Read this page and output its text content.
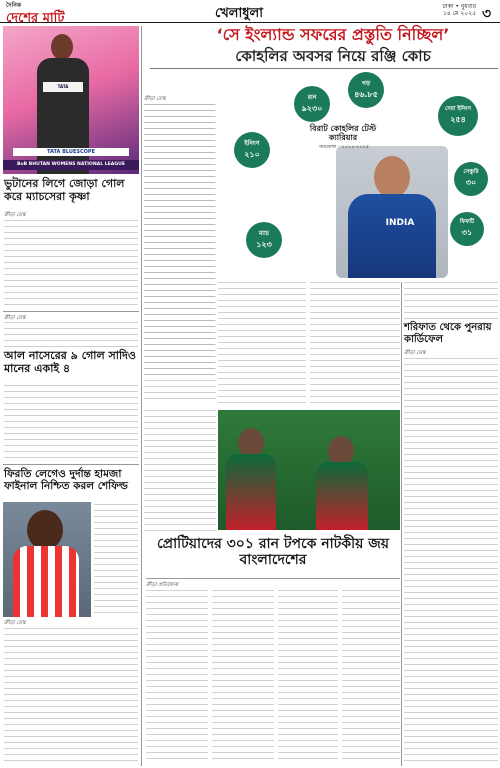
দৈনিক
দেশের মাটি	খেলাধুলা	ঢাকা • বুধবার
১৪ মে ২০২৫ ৩
TATA
TATA BLUESCOPE
BoB BHUTAN WOMENS NATIONAL LEAGUE
ভুটানের লিগে জোড়া গোল করে ম্যাচসেরা কৃষ্ণা
ক্রীড়া ডেস্ক
ক্রীড়া ডেস্ক
আল নাসেরের ৯ গোল সাদিও মানের একাই ৪
ফিরতি লেগেও দুর্দান্ত হামজা ফাইনাল নিশ্চিত করল শেফিল্ড
ক্রীড়া ডেস্ক
‘সে ইংল্যান্ড সফরের প্রস্তুতি নিচ্ছিল’
কোহলির অবসর নিয়ে রঞ্জি কোচ
ক্রীড়া ডেস্ক
INDIA
বিরাট কোহলির টেস্ট ক্যারিয়ার
সময়কাল : ২০১১-২০২৫
রান
৯২৩০
গড়
৪৬.৮৫
সেরা ইনিংস
২৫৪
ইনিংস
২১০
সেঞ্চুরি
৩০
ম্যাচ
১২৩
ফিফটি
৩১
শরিফাত থেকে পুনরায় কার্ডিফেল
ক্রীড়া ডেস্ক
প্রোটিয়াদের ৩০১ রান টপকে নাটকীয় জয় বাংলাদেশের
ক্রীড়া প্রতিবেদক
